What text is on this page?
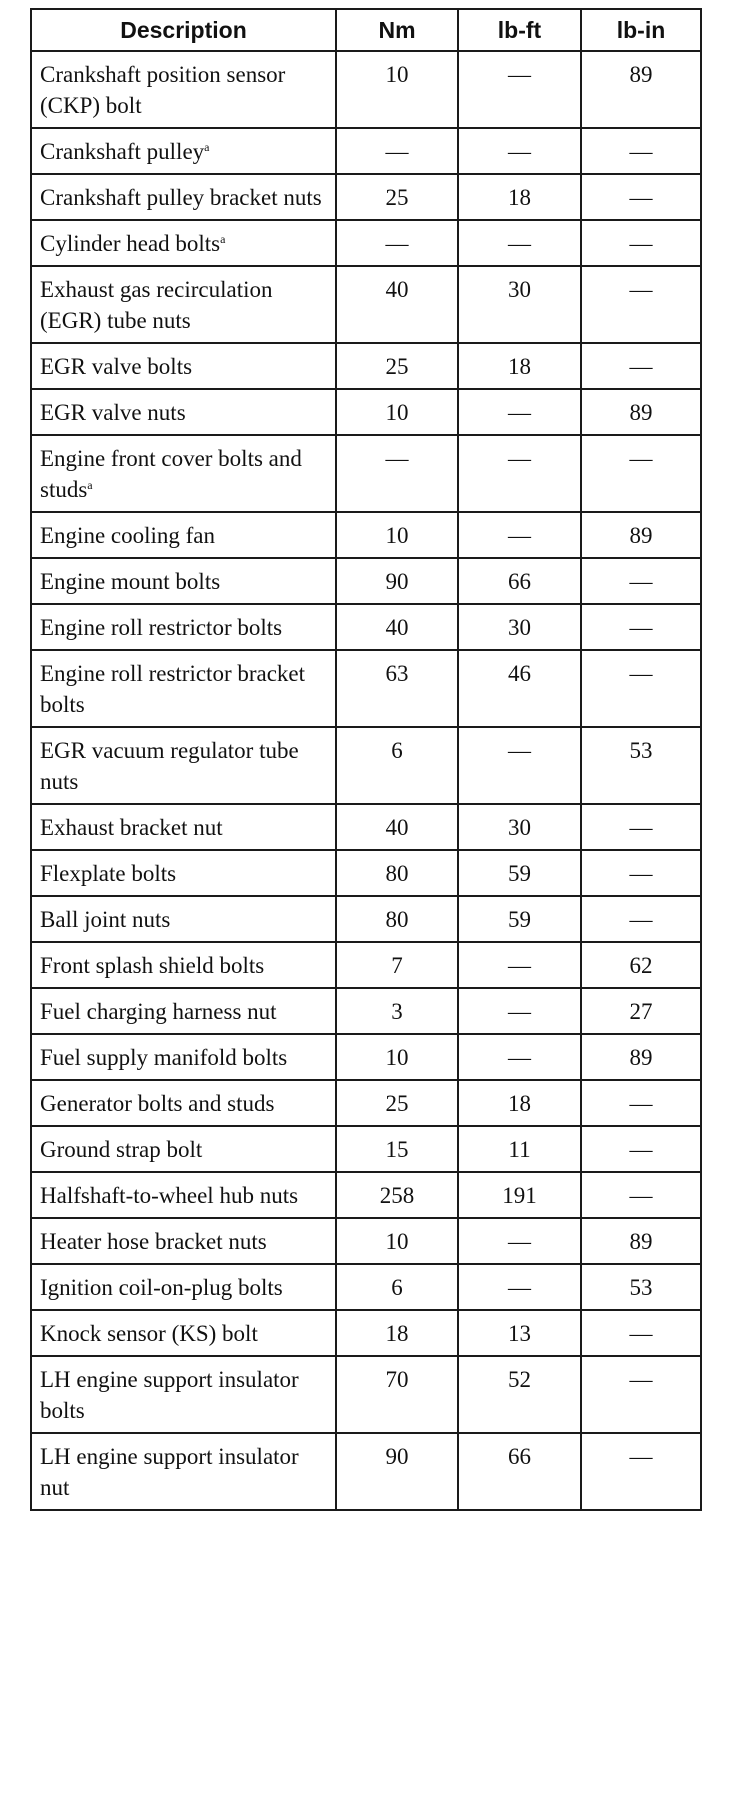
Description	Nm	lb-ft	lb-in
Crankshaft position sensor (CKP) bolt	10	—	89
Crankshaft pulley$^a$	—	—	—
Crankshaft pulley bracket nuts	25	18	—
Cylinder head bolts$^a$	—	—	—
Exhaust gas recirculation (EGR) tube nuts	40	30	—
EGR valve bolts	25	18	—
EGR valve nuts	10	—	89
Engine front cover bolts and studs$^a$	—	—	—
Engine cooling fan	10	—	89
Engine mount bolts	90	66	—
Engine roll restrictor bolts	40	30	—
Engine roll restrictor bracket bolts	63	46	—
EGR vacuum regulator tube nuts	6	—	53
Exhaust bracket nut	40	30	—
Flexplate bolts	80	59	—
Ball joint nuts	80	59	—
Front splash shield bolts	7	—	62
Fuel charging harness nut	3	—	27
Fuel supply manifold bolts	10	—	89
Generator bolts and studs	25	18	—
Ground strap bolt	15	11	—
Halfshaft-to-wheel hub nuts	258	191	—
Heater hose bracket nuts	10	—	89
Ignition coil-on-plug bolts	6	—	53
Knock sensor (KS) bolt	18	13	—
LH engine support insulator bolts	70	52	—
LH engine support insulator nut	90	66	—
